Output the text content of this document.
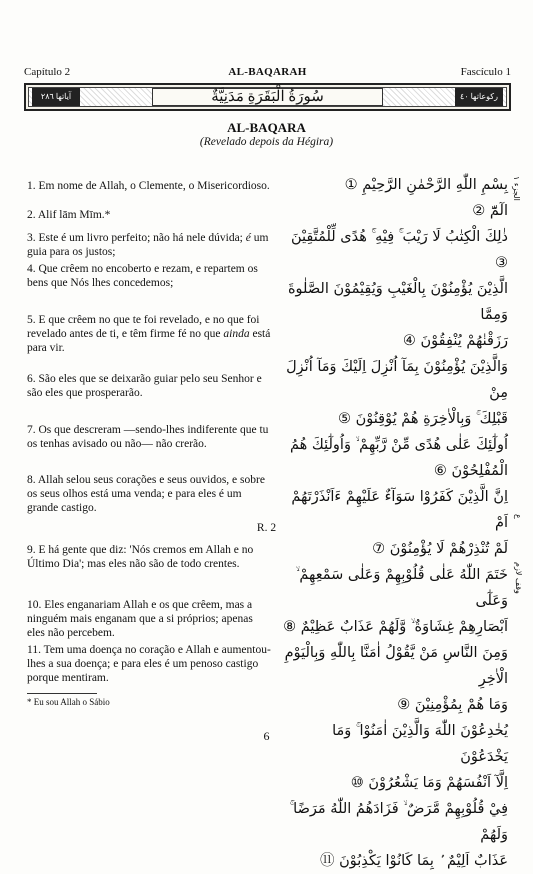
Capítulo 2	AL-BAQARAH	Fascículo 1
آياتها ٢٨٦	سُورَةُ الْبَقَرَةِ مَدَنِيَّةٌ	ركوعاتها ٤٠
AL-BAQARA
(Revelado depois da Hégira)
1. Em nome de Allah, o Clemente, o Misericordioso.
2. Alif lām Mīm.*
3. Este é um livro perfeito; não há nele dúvida; é um guia para os justos;
4. Que crêem no encoberto e rezam, e repartem os bens que Nós lhes concedemos;
5. E que crêem no que te foi revelado, e no que foi revelado antes de ti, e têm firme fé no que ainda está para vir.
6. São eles que se deixarão guiar pelo seu Senhor e são eles que prosperarão.
7. Os que descreram —sendo-lhes indiferente que tu os tenhas avisado ou não— não crerão.
8. Allah selou seus corações e seus ouvidos, e sobre os seus olhos está uma venda; e para eles é um grande castigo.
R. 2
9. E há gente que diz: 'Nós cremos em Allah e no Último Dia'; mas eles não são de todo crentes.
10. Eles enganariam Allah e os que crêem, mas a ninguém mais enganam que a si próprios; apenas eles não percebem.
11. Tem uma doença no coração e Allah e aumentou-lhes a sua doença; e para eles é um penoso castigo porque mentiram.
بِسْمِ اللّٰهِ الرَّحْمٰنِ الرَّحِيْمِ ①
الٓمّٓ ②
ذٰلِكَ الْكِتٰبُ لَا رَيْبَ ۚۛ فِيْهِ ۚۛ هُدًى لِّلْمُتَّقِيْنَ ③
الَّذِيْنَ يُؤْمِنُوْنَ بِالْغَيْبِ وَيُقِيْمُوْنَ الصَّلٰوةَ وَمِمَّا
رَزَقْنٰهُمْ يُنْفِقُوْنَ ④
وَالَّذِيْنَ يُؤْمِنُوْنَ بِمَآ اُنْزِلَ اِلَيْكَ وَمَآ اُنْزِلَ مِنْ
قَبْلِكَ ۚ وَبِالْاٰخِرَةِ هُمْ يُوْقِنُوْنَ ⑤
اُولٰٓئِكَ عَلٰى هُدًى مِّنْ رَّبِّهِمْ ۙ وَاُولٰٓئِكَ هُمُ
الْمُفْلِحُوْنَ ⑥
اِنَّ الَّذِيْنَ كَفَرُوْا سَوَآءٌ عَلَيْهِمْ ءَاَنْذَرْتَهُمْ اَمْ
لَمْ تُنْذِرْهُمْ لَا يُؤْمِنُوْنَ ⑦
خَتَمَ اللّٰهُ عَلٰى قُلُوْبِهِمْ وَعَلٰى سَمْعِهِمْ ۙ وَعَلٰٓى
اَبْصَارِهِمْ غِشَاوَةٌ ۙ وَّلَهُمْ عَذَابٌ عَظِيْمٌ ⑧
وَمِنَ النَّاسِ مَنْ يَّقُوْلُ اٰمَنَّا بِاللّٰهِ وَبِالْيَوْمِ الْاٰخِرِ
وَمَا هُمْ بِمُؤْمِنِيْنَ ⑨
يُخٰدِعُوْنَ اللّٰهَ وَالَّذِيْنَ اٰمَنُوْا ۚ وَمَا يَخْدَعُوْنَ
اِلَّآ اَنْفُسَهُمْ وَمَا يَشْعُرُوْنَ ⑩
فِيْ قُلُوْبِهِمْ مَّرَضٌ ۙ فَزَادَهُمُ اللّٰهُ مَرَضًا ۚ وَلَهُمْ
عَذَابٌ اَلِيْمٌ ۢ بِمَا كَانُوْا يَكْذِبُوْنَ ⑪
الجزء ١
ع
وقف لازم
* Eu sou Allah o Sábio
6
